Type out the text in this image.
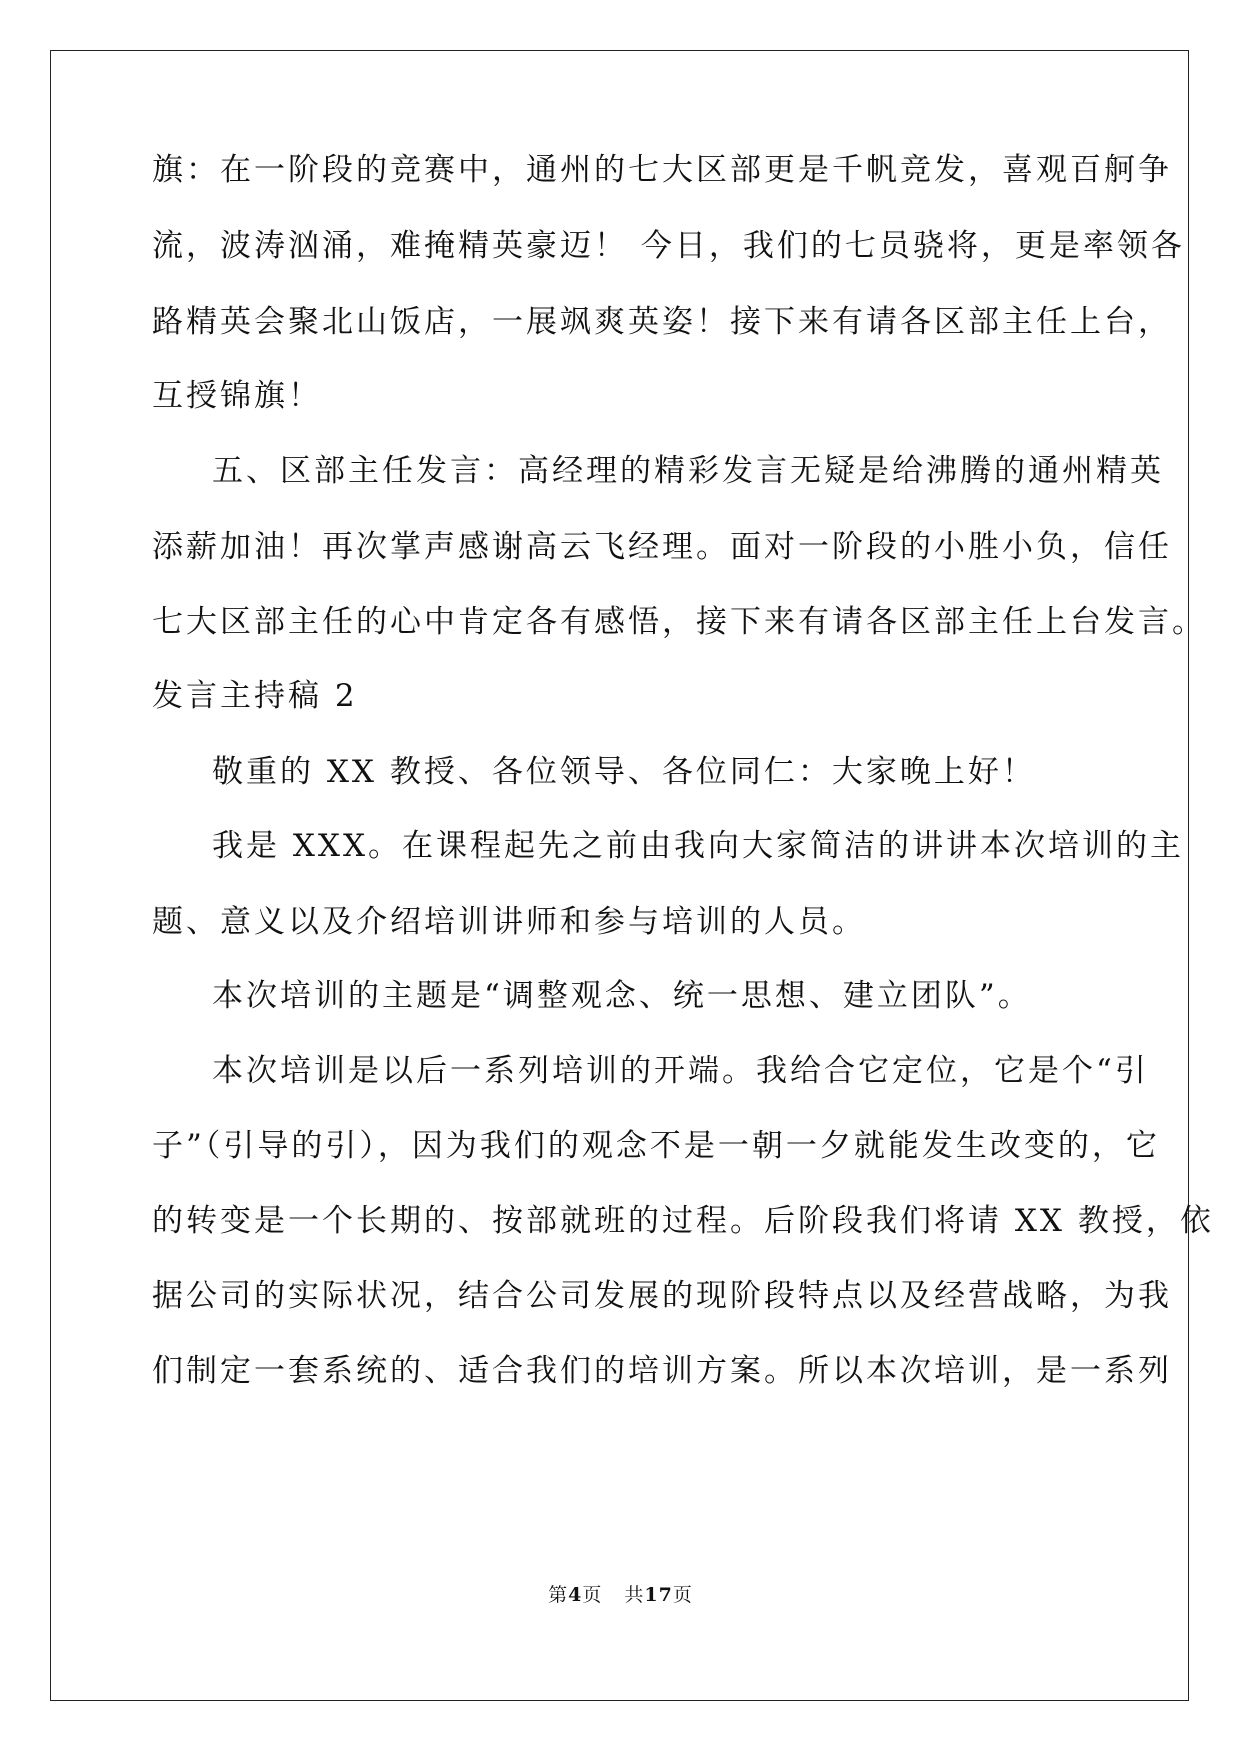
旗：在一阶段的竞赛中，通州的七大区部更是千帆竞发，喜观百舸争
流，波涛汹涌，难掩精英豪迈！ 今日，我们的七员骁将，更是率领各
路精英会聚北山饭店，一展飒爽英姿！接下来有请各区部主任上台，
互授锦旗！
五、区部主任发言：高经理的精彩发言无疑是给沸腾的通州精英
添薪加油！再次掌声感谢高云飞经理。面对一阶段的小胜小负，信任
七大区部主任的心中肯定各有感悟，接下来有请各区部主任上台发言。
发言主持稿 2
敬重的 XX 教授、各位领导、各位同仁：大家晚上好！
我是 XXX。在课程起先之前由我向大家简洁的讲讲本次培训的主
题、意义以及介绍培训讲师和参与培训的人员。
本次培训的主题是“调整观念、统一思想、建立团队”。
本次培训是以后一系列培训的开端。我给合它定位，它是个“引
子”（引导的引），因为我们的观念不是一朝一夕就能发生改变的，它
的转变是一个长期的、按部就班的过程。后阶段我们将请 XX 教授，依
据公司的实际状况，结合公司发展的现阶段特点以及经营战略，为我
们制定一套系统的、适合我们的培训方案。所以本次培训，是一系列
第4页 共17页
